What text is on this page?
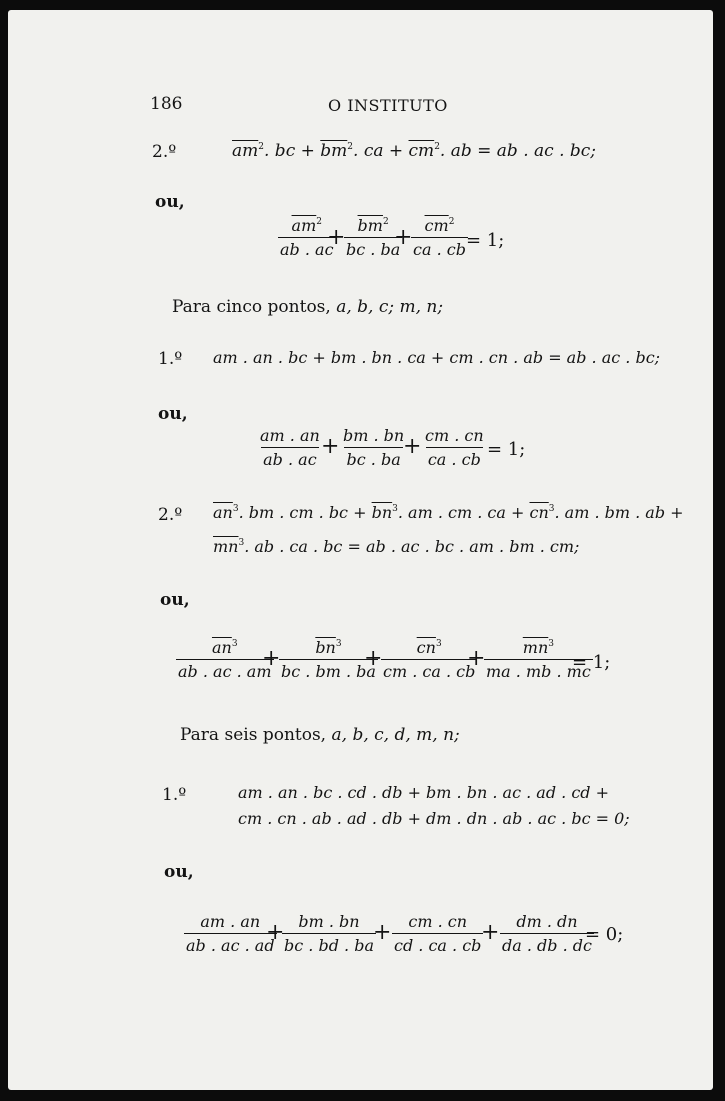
186	O INSTITUTO
2.º	$\overline{am}^2$. bc + $\overline{bm}^2$. ca + $\overline{cm}^2$. ab = ab . ac . bc;
ou,
$\frac{\overline{am}^2}{ab . ac}$
+
$\frac{\overline{bm}^2}{bc . ba}$
+
$\frac{\overline{cm}^2}{ca . cb}$
= 1;
Para cinco pontos, a, b, c; m, n;
1.º am . an . bc + bm . bn . ca + cm . cn . ab = ab . ac . bc;
ou,
$\frac{am . an}{ab . ac} + \frac{bm . bn}{bc . ba}$
+ $\frac{cm . cn}{ca . cb} = 1$;
2.º $\overline{an}^3$. bm . cm . bc + $\overline{bn}^3$. am . cm . ca + $\overline{cn}^3$. am . bm . ab +
$\overline{mn}^3$. ab . ca . bc = ab . ac . bc . am . bm . cm;
ou,
$\frac{\overline{an}^3}{ab . ac . am}$
+
$\frac{\overline{bn}^3}{bc . bm . ba}$
+
$\frac{\overline{cn}^3}{cm . ca . cb}$
+
$\frac{\overline{mn}^3}{ma . mb . mc}$
= 1;
Para seis pontos, a, b, c, d, m, n;
1.º	am . an . bc . cd . db + bm . bn . ac . ad . cd +
cm . cn . ab . ad . db + dm . dn . ab . ac . bc = 0;
ou,
$\frac{am . an}{ab . ac . ad}$
+
$\frac{bm . bn}{bc . bd . ba}$
+ $\frac{cm . cn}{cd . ca . cb}$
+ $\frac{dm . dn}{da . db . dc}$
= 0;
